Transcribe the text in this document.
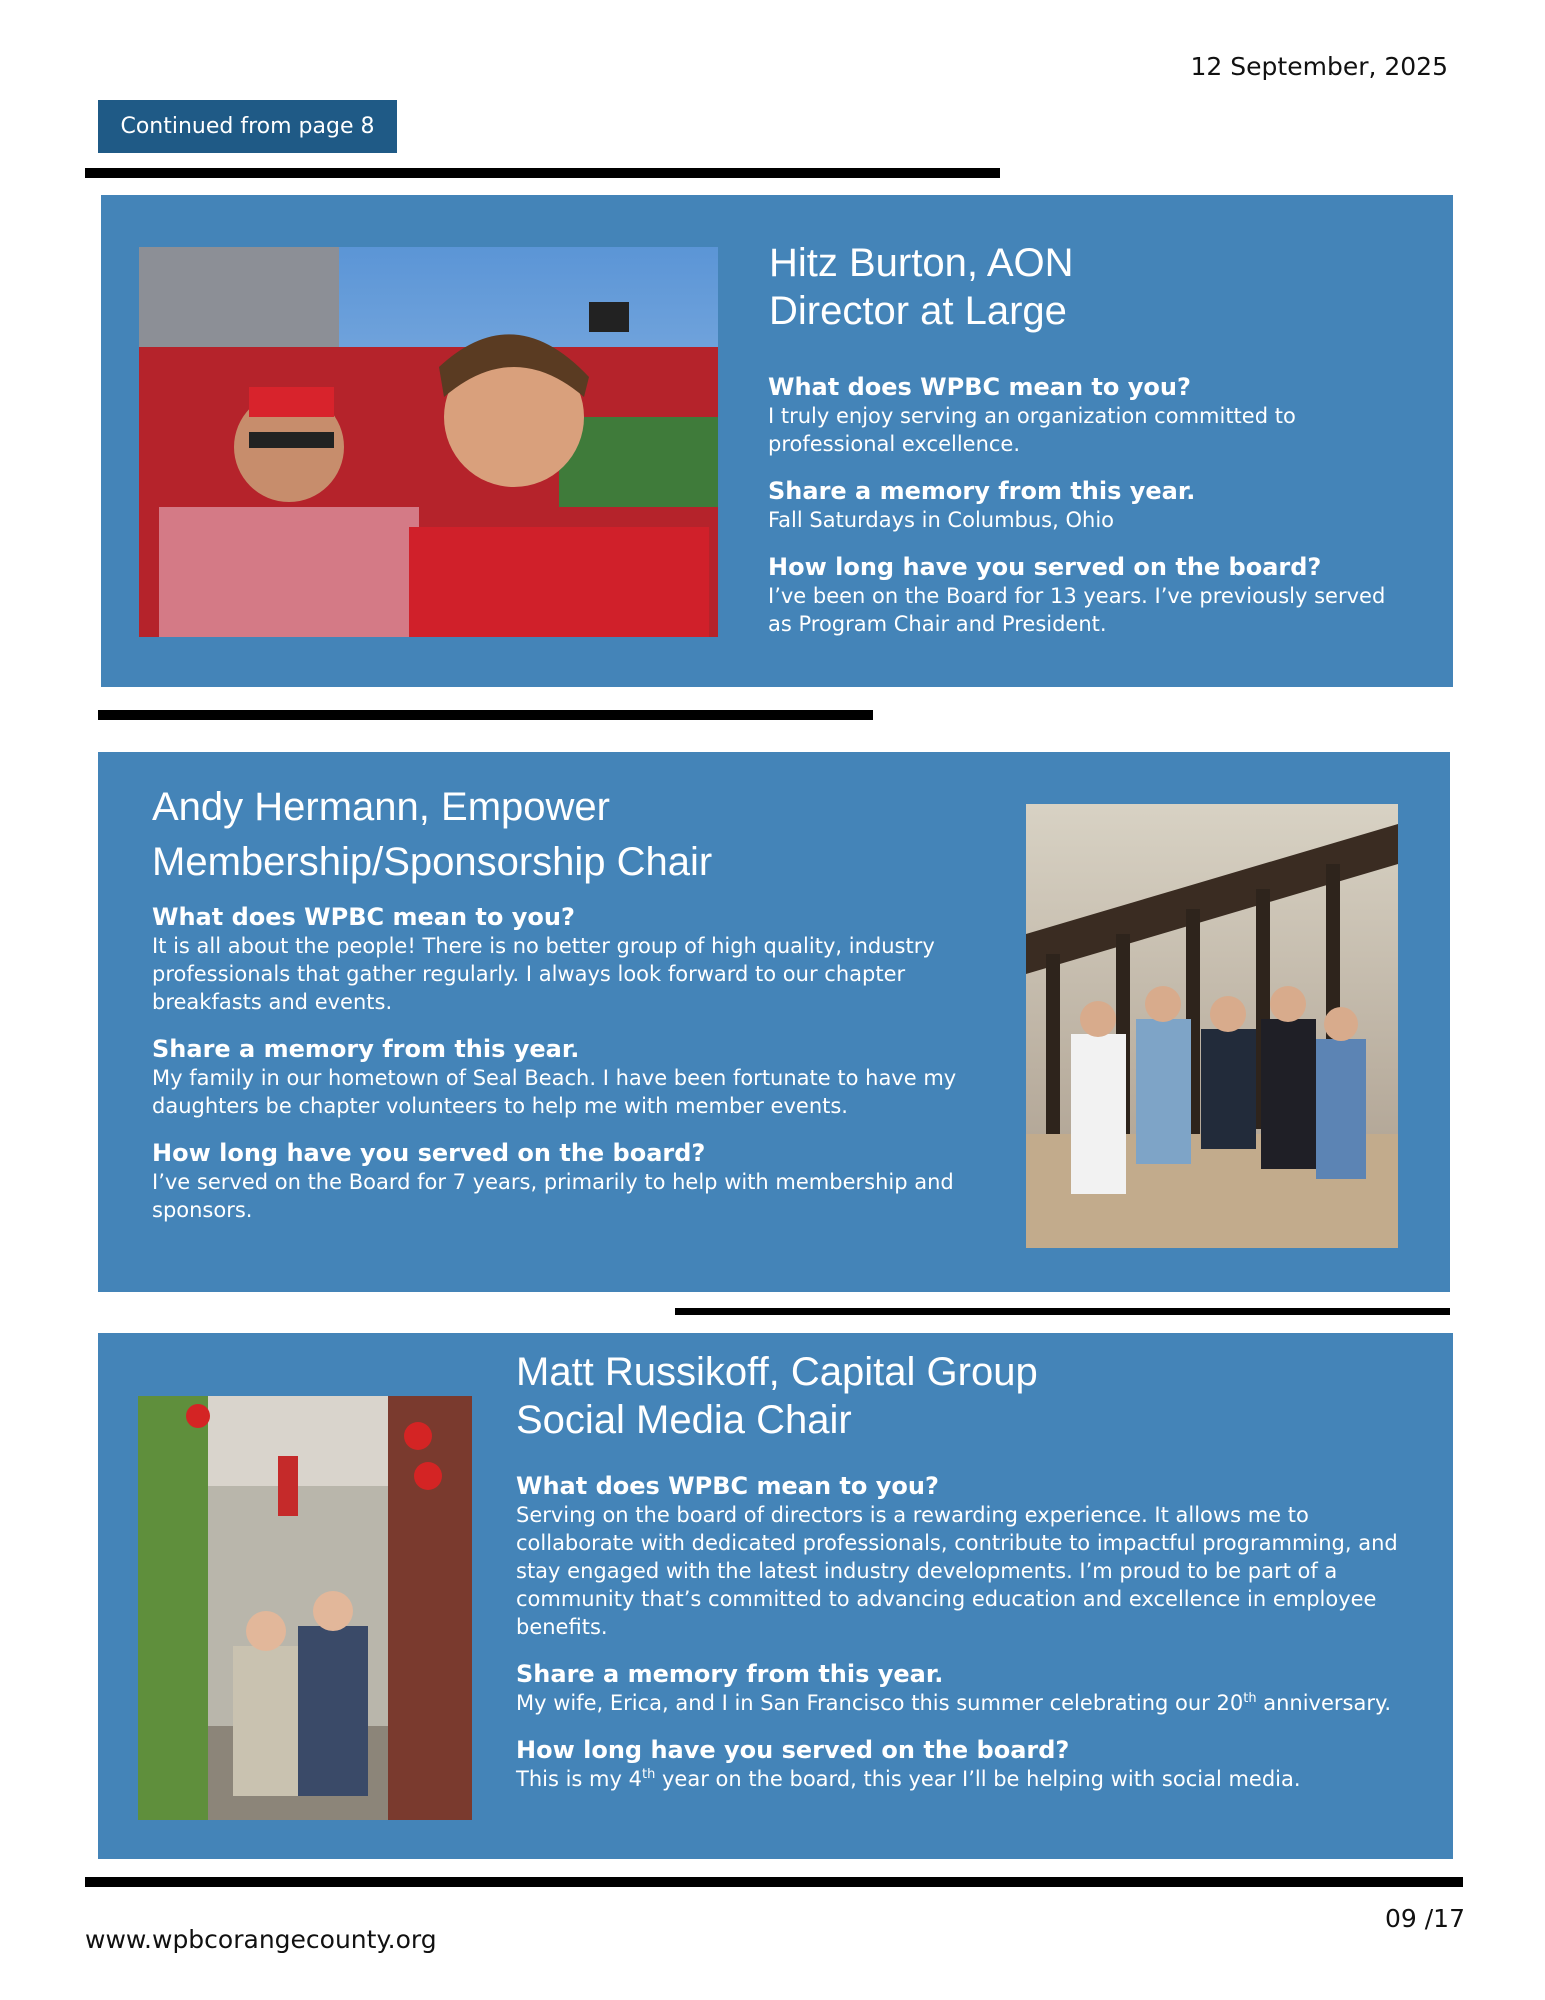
12 September, 2025
Continued from page 8
Hitz Burton, AON
Director at Large

What does WPBC mean to you?

I truly enjoy serving an organization committed to professional excellence.

Share a memory from this year.

Fall Saturdays in Columbus, Ohio

How long have you served on the board?

I’ve been on the Board for 13 years. I’ve previously served as Program Chair and President.

Andy Hermann, Empower
Membership/Sponsorship Chair

What does WPBC mean to you?

It is all about the people! There is no better group of high quality, industry professionals that gather regularly. I always look forward to our chapter breakfasts and events.

Share a memory from this year.

My family in our hometown of Seal Beach. I have been fortunate to have my daughters be chapter volunteers to help me with member events.

How long have you served on the board?

I’ve served on the Board for 7 years, primarily to help with membership and sponsors.

Matt Russikoff, Capital Group
Social Media Chair

What does WPBC mean to you?

Serving on the board of directors is a rewarding experience. It allows me to collaborate with dedicated professionals, contribute to impactful programming, and stay engaged with the latest industry developments. I’m proud to be part of a community that’s committed to advancing education and excellence in employee benefits.

Share a memory from this year.

My wife, Erica, and I in San Francisco this summer celebrating our 20th anniversary.

How long have you served on the board?

This is my 4th year on the board, this year I’ll be helping with social media.

www.wpbcorangecounty.org
09 /17
